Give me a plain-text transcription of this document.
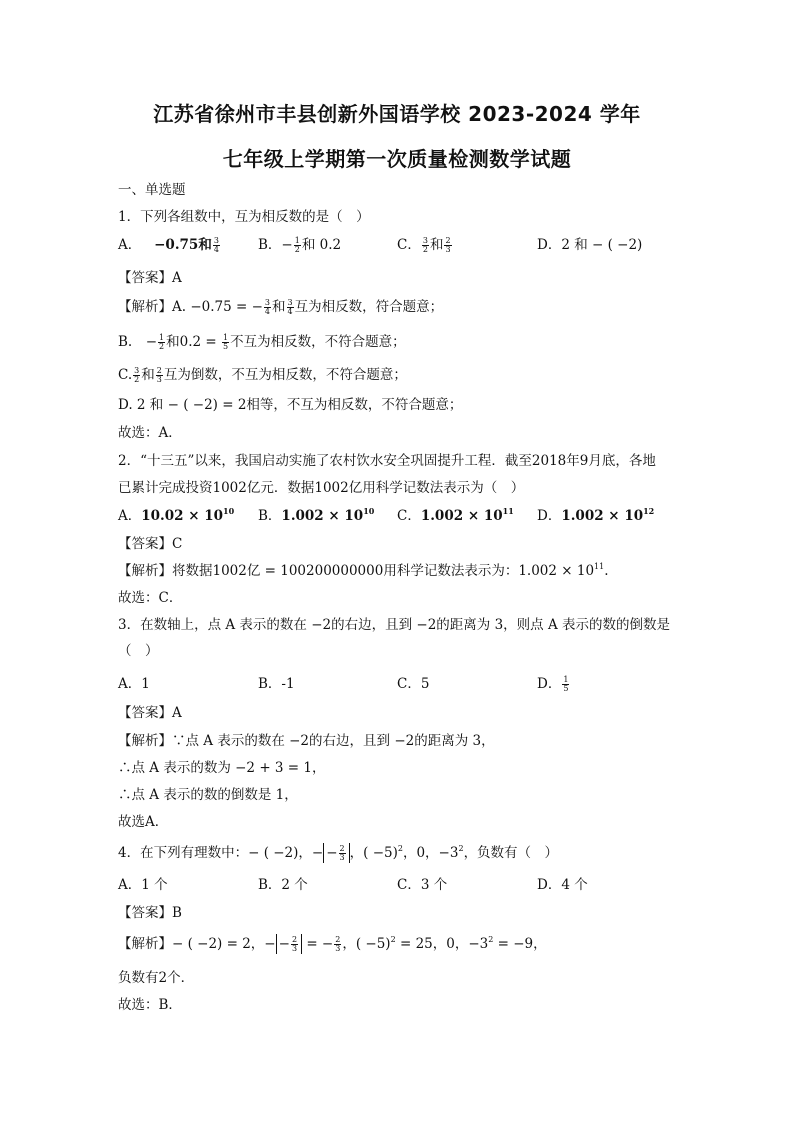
江苏省徐州市丰县创新外国语学校 2023-2024 学年
七年级上学期第一次质量检测数学试题
一、单选题
1．下列各组数中，互为相反数的是（　）
A． −0.75和 $\frac{3}{4}$	B．− $\frac{1}{2}$ 和 0.2	C． $\frac{3}{2}$ 和 $\frac{2}{3}$	D．2 和 − ( −2)
【答案】A
【解析】A. −0.75 = − $\frac{3}{4}$ 和 $\frac{3}{4}$ 互为相反数，符合题意；
B.　− $\frac{1}{2}$ 和$0.2 = \frac{1}{5}$ 不互为相反数，不符合题意；
C. $\frac{3}{2}$ 和 $\frac{2}{3}$ 互为倒数，不互为相反数，不符合题意；
D. 2 和 − ( −2) = 2相等，不互为相反数，不符合题意；
故选：A．
2．“十三五”以来，我国启动实施了农村饮水安全巩固提升工程．截至2018年9月底，各地
已累计完成投资1002亿元．数据1002亿用科学记数法表示为（　）
A．$10.02 \times 10^{10}$ B．$1.002 \times 10^{10}$ C．$1.002 \times 10^{11}$ D．$1.002 \times 10^{12}$
【答案】C
【解析】将数据1002亿 = 100200000000用科学记数法表示为：$1.002 \times 10^{11}$.
故选：C．
3．在数轴上，点 A 表示的数在 −2的右边，且到 −2的距离为 3，则点 A 表示的数的倒数是
（　）
A．1	B．-1	C．5	D． $\frac{1}{5}$
【答案】A
【解析】∵点 A 表示的数在 −2的右边，且到 −2的距离为 3，
∴点 A 表示的数为 −2 + 3 = 1，
∴点 A 表示的数的倒数是 1，
故选A．
4．在下列有理数中：− ( −2)，− − $\frac{2}{3}$ ，( −5)$^2$，0，$-3^2$，负数有（　）
A．1 个	B．2 个	C．3 个	D．4 个
【答案】B
【解析】− ( −2) = 2，− − $\frac{2}{3}$ = − $\frac{2}{3}$ ，( −5)$^2$ = 25，0，$-3^2 = -9$，
负数有2个．
故选：B．
